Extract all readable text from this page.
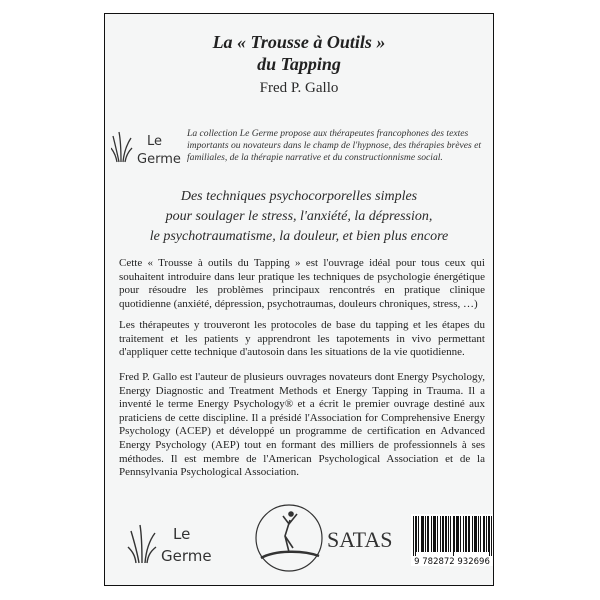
La « Trousse à Outils »
du Tapping
Fred P. Gallo
Le
Germe
La collection Le Germe propose aux thérapeutes francophones des textes importants ou novateurs dans le champ de l'hypnose, des thérapies brèves et familiales, de la thérapie narrative et du constructionnisme social.
Des techniques psychocorporelles simples
pour soulager le stress, l'anxiété, la dépression,
le psychotraumatisme, la douleur, et bien plus encore
Cette « Trousse à outils du Tapping » est l'ouvrage idéal pour tous ceux qui souhaitent introduire dans leur pratique les techniques de psychologie énergétique pour résoudre les problèmes principaux rencontrés en pratique clinique quotidienne (anxiété, dépression, psychotraumas, douleurs chroniques, stress, …)
Les thérapeutes y trouveront les protocoles de base du tapping et les étapes du traitement et les patients y apprendront les tapotements in vivo permettant d'appliquer cette technique d'autosoin dans les situations de la vie quotidienne.
Fred P. Gallo est l'auteur de plusieurs ouvrages novateurs dont Energy Psychology, Energy Diagnostic and Treatment Methods et Energy Tapping in Trauma. Il a inventé le terme Energy Psychology® et a écrit le premier ouvrage destiné aux praticiens de cette discipline. Il a présidé l'Association for Comprehensive Energy Psychology (ACEP) et développé un programme de certification en Advanced Energy Psychology (AEP) tout en formant des milliers de professionnels à ses méthodes. Il est membre de l'American Psychological Association et de la Pennsylvania Psychological Association.
Le
Germe
SATAS
9 782872 932696
